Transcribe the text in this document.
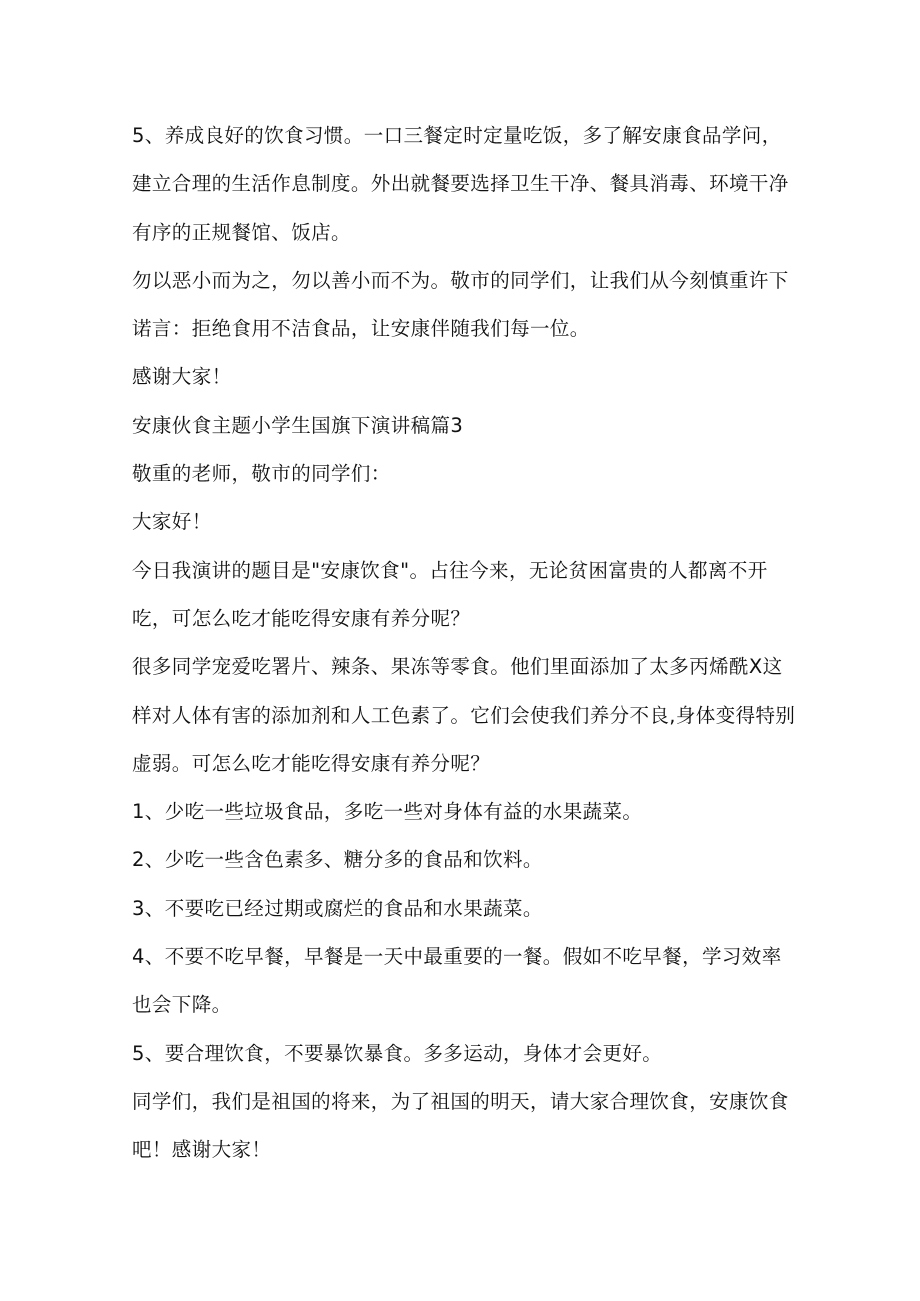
5、养成良好的饮食习惯。一口三餐定时定量吃饭，多了解安康食品学问，建立合理的生活作息制度。外出就餐要选择卫生干净、餐具消毒、环境干净有序的正规餐馆、饭店。

勿以恶小而为之，勿以善小而不为。敬市的同学们，让我们从今刻慎重许下诺言：拒绝食用不洁食品，让安康伴随我们每一位。

感谢大家！

安康伙食主题小学生国旗下演讲稿篇3

敬重的老师，敬市的同学们：

大家好！

今日我演讲的题目是"安康饮食"。占往今来，无论贫困富贵的人都离不开吃，可怎么吃才能吃得安康有养分呢？

很多同学宠爱吃署片、辣条、果冻等零食。他们里面添加了太多丙烯酰X这样对人体有害的添加剂和人工色素了。它们会使我们养分不良,身体变得特别虚弱。可怎么吃才能吃得安康有养分呢？

1、少吃一些垃圾食品，多吃一些对身体有益的水果蔬菜。

2、少吃一些含色素多、糖分多的食品和饮料。

3、不要吃已经过期或腐烂的食品和水果蔬菜。

4、不要不吃早餐，早餐是一天中最重要的一餐。假如不吃早餐，学习效率也会下降。

5、要合理饮食，不要暴饮暴食。多多运动，身体才会更好。

同学们，我们是祖国的将来，为了祖国的明天，请大家合理饮食，安康饮食吧！感谢大家！
